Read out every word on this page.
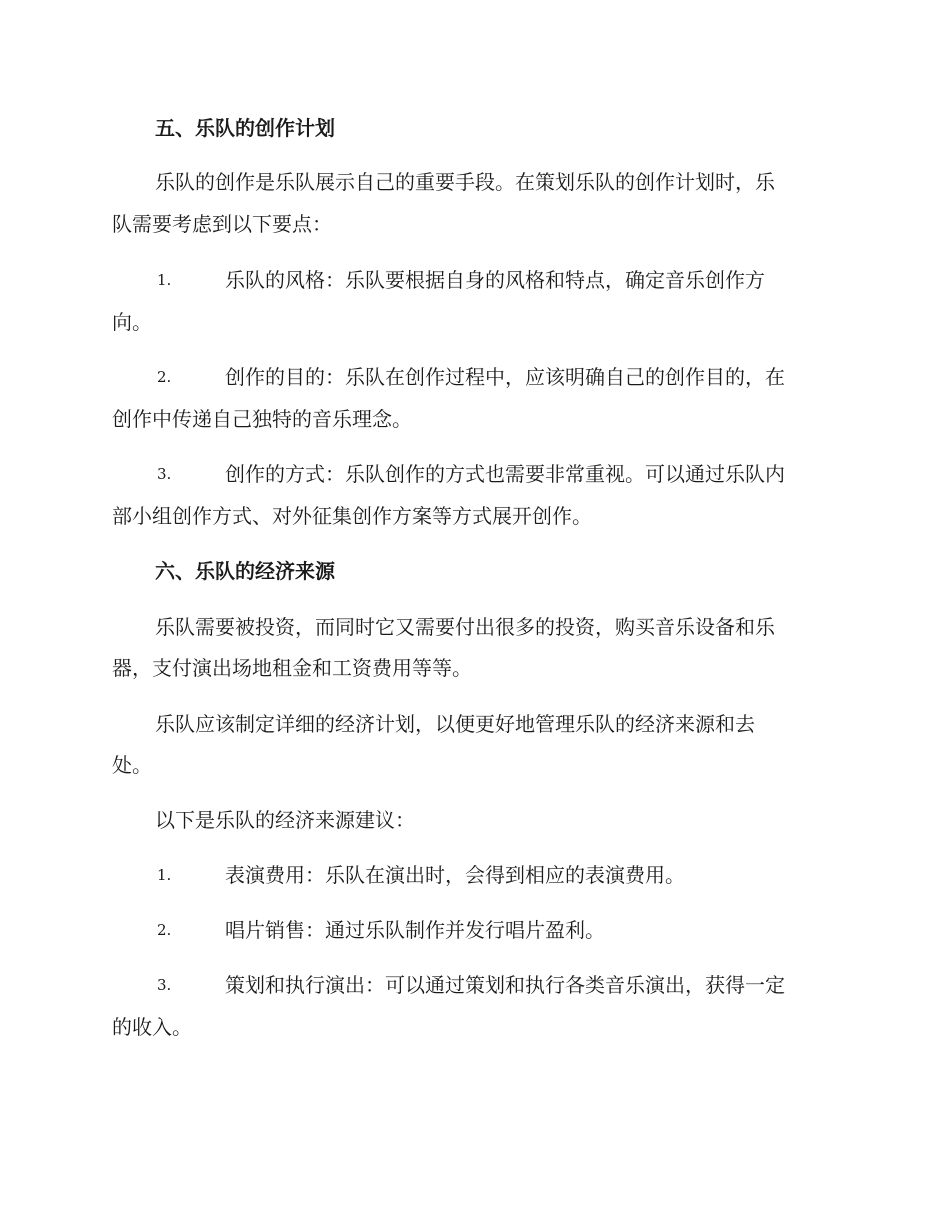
五、乐队的创作计划
乐队的创作是乐队展示自己的重要手段。在策划乐队的创作计划时，乐
队需要考虑到以下要点：
1.	乐队的风格：乐队要根据自身的风格和特点，确定音乐创作方
向。
2.	创作的目的：乐队在创作过程中，应该明确自己的创作目的，在
创作中传递自己独特的音乐理念。
3.	创作的方式：乐队创作的方式也需要非常重视。可以通过乐队内
部小组创作方式、对外征集创作方案等方式展开创作。
六、乐队的经济来源
乐队需要被投资，而同时它又需要付出很多的投资，购买音乐设备和乐
器，支付演出场地租金和工资费用等等。
乐队应该制定详细的经济计划，以便更好地管理乐队的经济来源和去
处。
以下是乐队的经济来源建议：
1.	表演费用：乐队在演出时，会得到相应的表演费用。
2.	唱片销售：通过乐队制作并发行唱片盈利。
3.	策划和执行演出：可以通过策划和执行各类音乐演出，获得一定
的收入。
